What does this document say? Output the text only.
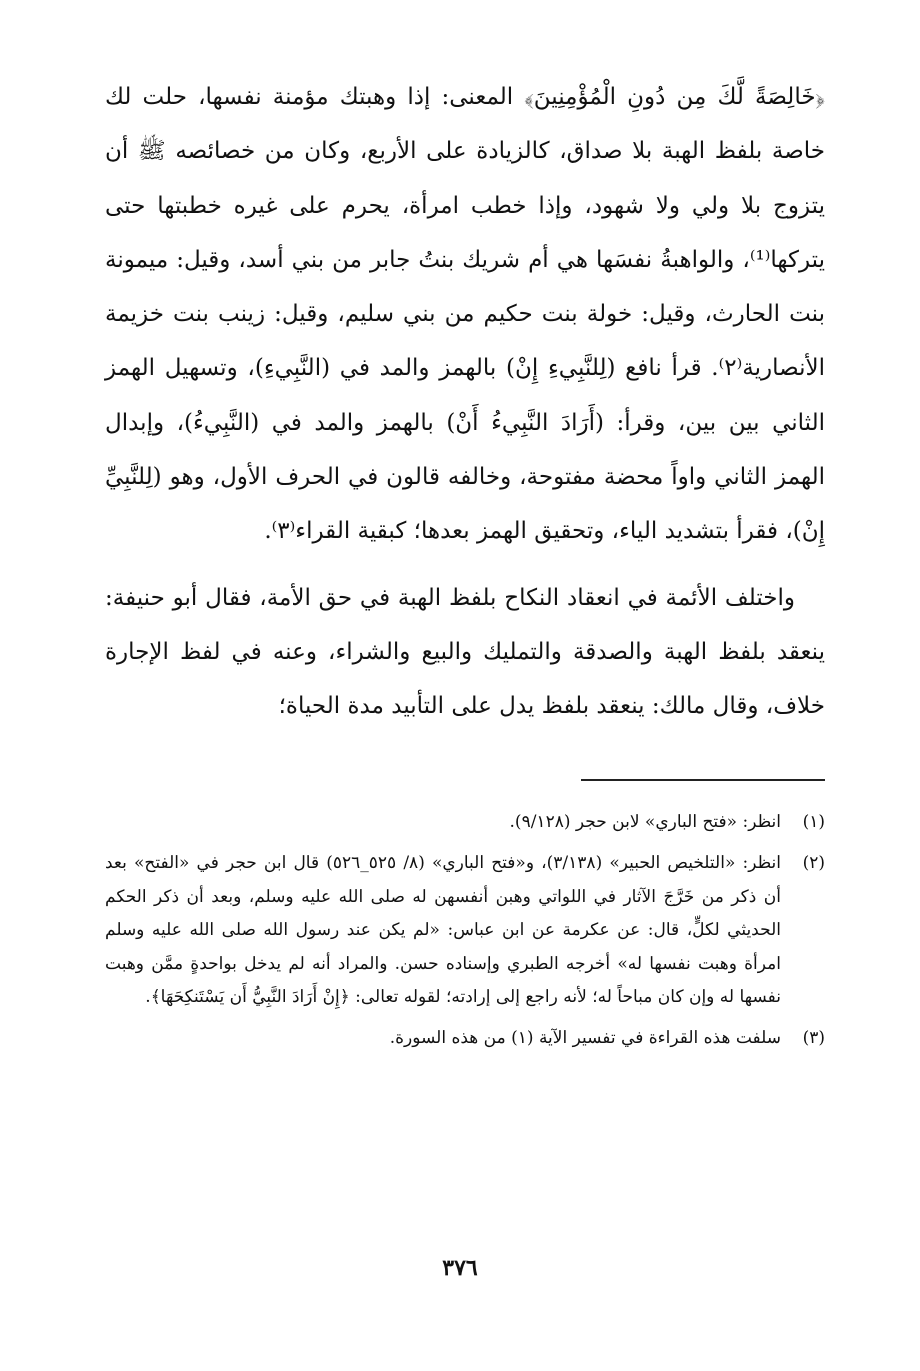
﴿خَالِصَةً لَّكَ مِن دُونِ الْمُؤْمِنِينَ﴾ المعنى: إذا وهبتك مؤمنة نفسها، حلت لك خاصة بلفظ الهبة بلا صداق، كالزيادة على الأربع، وكان من خصائصه ﷺ أن يتزوج بلا ولي ولا شهود، وإذا خطب امرأة، يحرم على غيره خطبتها حتى يتركها⁽¹⁾، والواهبةُ نفسَها هي أم شريك بنتُ جابر من بني أسد، وقيل: ميمونة بنت الحارث، وقيل: خولة بنت حكيم من بني سليم، وقيل: زينب بنت خزيمة الأنصارية⁽٢⁾. قرأ نافع (لِلنَّبِيءِ إِنْ) بالهمز والمد في (النَّبِيءِ)، وتسهيل الهمز الثاني بين بين، وقرأ: (أَرَادَ النَّبِيءُ أَنْ) بالهمز والمد في (النَّبِيءُ)، وإبدال الهمز الثاني واواً محضة مفتوحة، وخالفه قالون في الحرف الأول، وهو (لِلنَّبِيِّ إِنْ)، فقرأ بتشديد الياء، وتحقيق الهمز بعدها؛ كبقية القراء⁽٣⁾.

واختلف الأئمة في انعقاد النكاح بلفظ الهبة في حق الأمة، فقال أبو حنيفة: ينعقد بلفظ الهبة والصدقة والتمليك والبيع والشراء، وعنه في لفظ الإجارة خلاف، وقال مالك: ينعقد بلفظ يدل على التأبيد مدة الحياة؛

(١)
انظر: «فتح الباري» لابن حجر (٩/١٢٨).
(٢)
انظر: «التلخيص الحبير» (٣/١٣٨)، و«فتح الباري» (٨/ ٥٢٥_٥٢٦) قال ابن حجر في «الفتح» بعد أن ذكر من خَرَّجَ الآثار في اللواتي وهبن أنفسهن له صلى الله عليه وسلم، وبعد أن ذكر الحكم الحديثي لكلٍّ، قال: عن عكرمة عن ابن عباس: «لم يكن عند رسول الله صلى الله عليه وسلم امرأة وهبت نفسها له» أخرجه الطبري وإسناده حسن. والمراد أنه لم يدخل بواحدةٍ ممَّن وهبت نفسها له وإن كان مباحاً له؛ لأنه راجع إلى إرادته؛ لقوله تعالى: ﴿إِنْ أَرَادَ النَّبِيُّ أَن يَسْتَنكِحَهَا﴾.
(٣)
سلفت هذه القراءة في تفسير الآية (١) من هذه السورة.
٣٧٦
